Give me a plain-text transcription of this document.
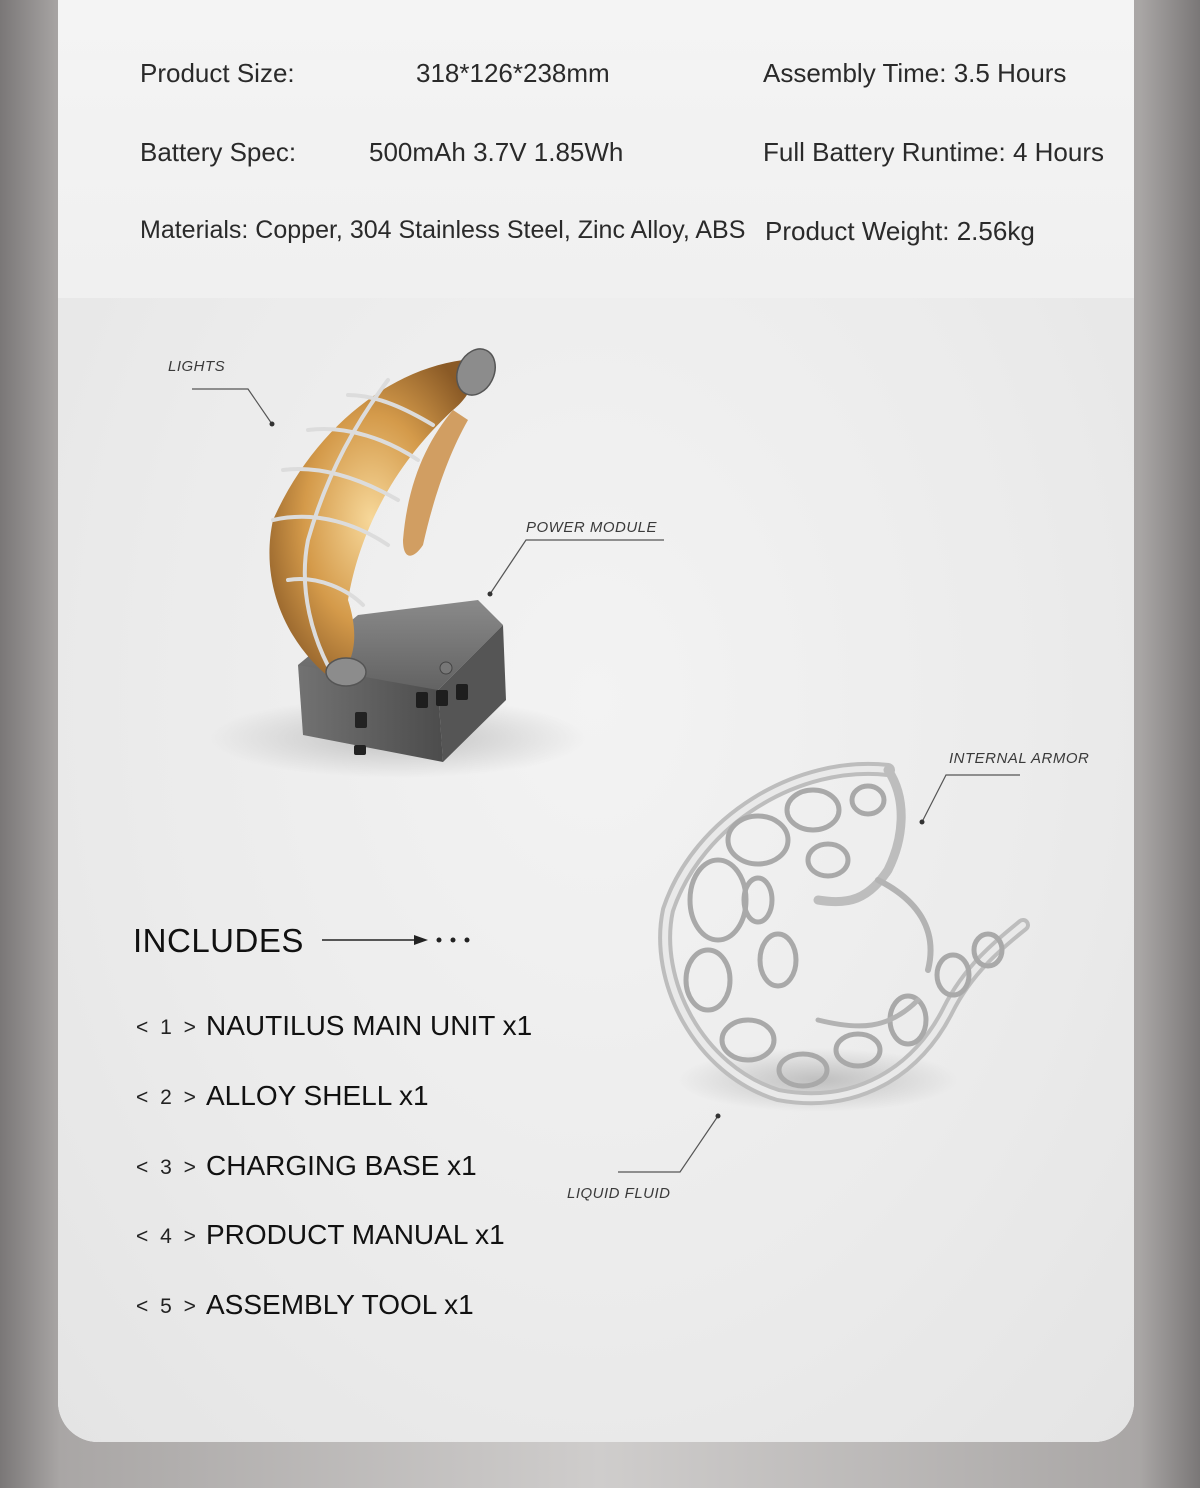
Product Size:	318*126*238mm	Assembly Time: 3.5 Hours
Battery Spec:	500mAh 3.7V 1.85Wh	Full Battery Runtime: 4 Hours
Materials: Copper, 304 Stainless Steel, Zinc Alloy, ABS Product Weight: 2.56kg
LIGHTS
POWER MODULE
INTERNAL ARMOR
LIQUID FLUID
INCLUDES
< 1 > NAUTILUS MAIN UNIT x1
< 2 > ALLOY SHELL x1
< 3 > CHARGING BASE x1
< 4 > PRODUCT MANUAL x1
< 5 > ASSEMBLY TOOL x1
